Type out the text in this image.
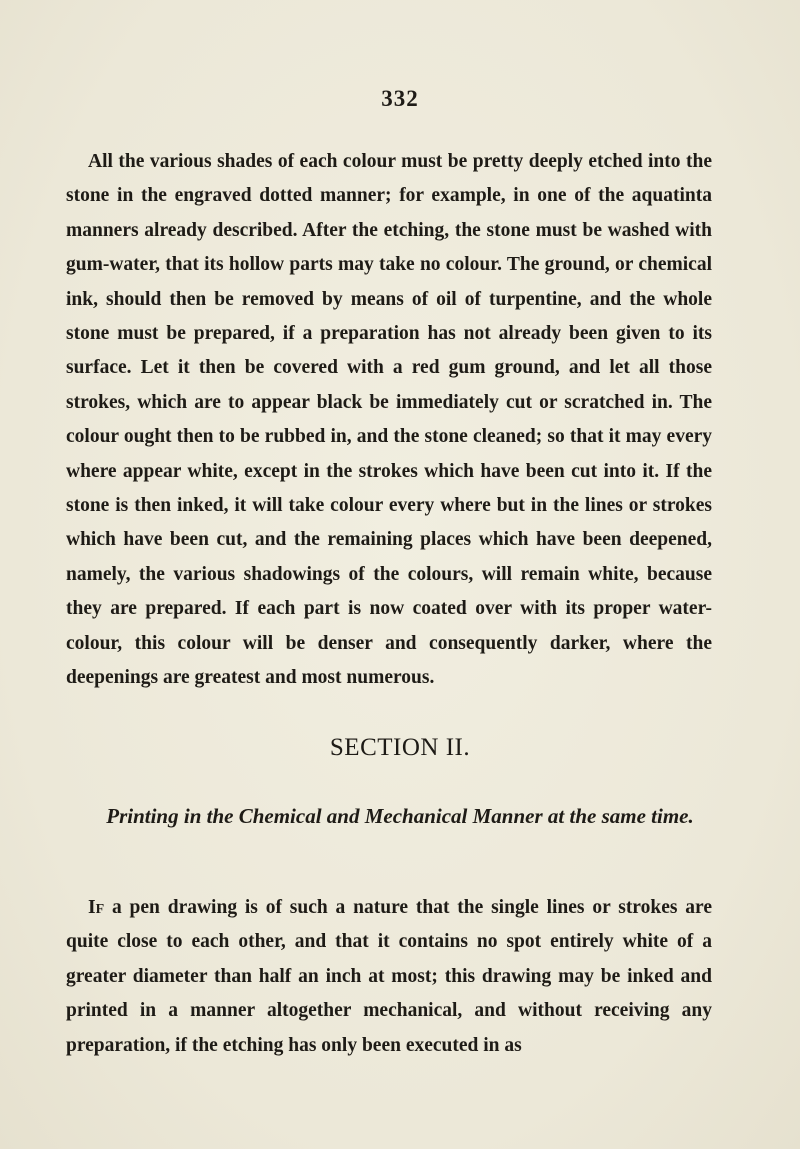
332

All the various shades of each colour must be pretty deeply etched into the stone in the engraved dotted manner; for example, in one of the aquatinta manners already described. After the etching, the stone must be washed with gum-water, that its hollow parts may take no colour. The ground, or chemical ink, should then be removed by means of oil of turpentine, and the whole stone must be prepared, if a preparation has not already been given to its surface. Let it then be covered with a red gum ground, and let all those strokes, which are to appear black be immediately cut or scratched in. The colour ought then to be rubbed in, and the stone cleaned; so that it may every where appear white, except in the strokes which have been cut into it. If the stone is then inked, it will take colour every where but in the lines or strokes which have been cut, and the remaining places which have been deepened, namely, the various shadowings of the colours, will remain white, because they are prepared. If each part is now coated over with its proper water-colour, this colour will be denser and consequently darker, where the deepenings are greatest and most numerous.

SECTION II.
Printing in the Chemical and Mechanical Manner at the same time.

If a pen drawing is of such a nature that the single lines or strokes are quite close to each other, and that it contains no spot entirely white of a greater diameter than half an inch at most; this drawing may be inked and printed in a manner altogether mechanical, and without receiving any preparation, if the etching has only been executed in as
